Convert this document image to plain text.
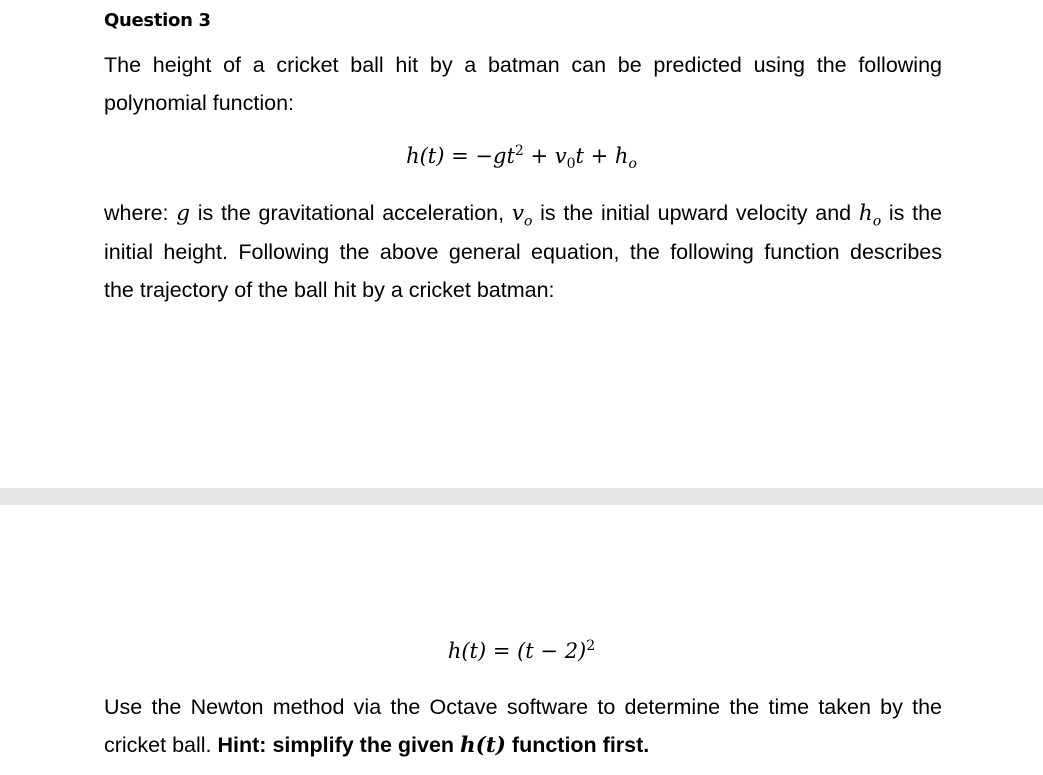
Question 3
The height of a cricket ball hit by a batman can be predicted using the following
polynomial function:
$h(t) = -gt^2 + v_0t + h_o$
where: g is the gravitational acceleration, $v_o$ is the initial upward velocity and $h_o$ is the
initial height. Following the above general equation, the following function describes
the trajectory of the ball hit by a cricket batman:
$h(t) = (t - 2)^2$
Use the Newton method via the Octave software to determine the time taken by the
cricket ball. Hint: simplify the given h(t) function first.
